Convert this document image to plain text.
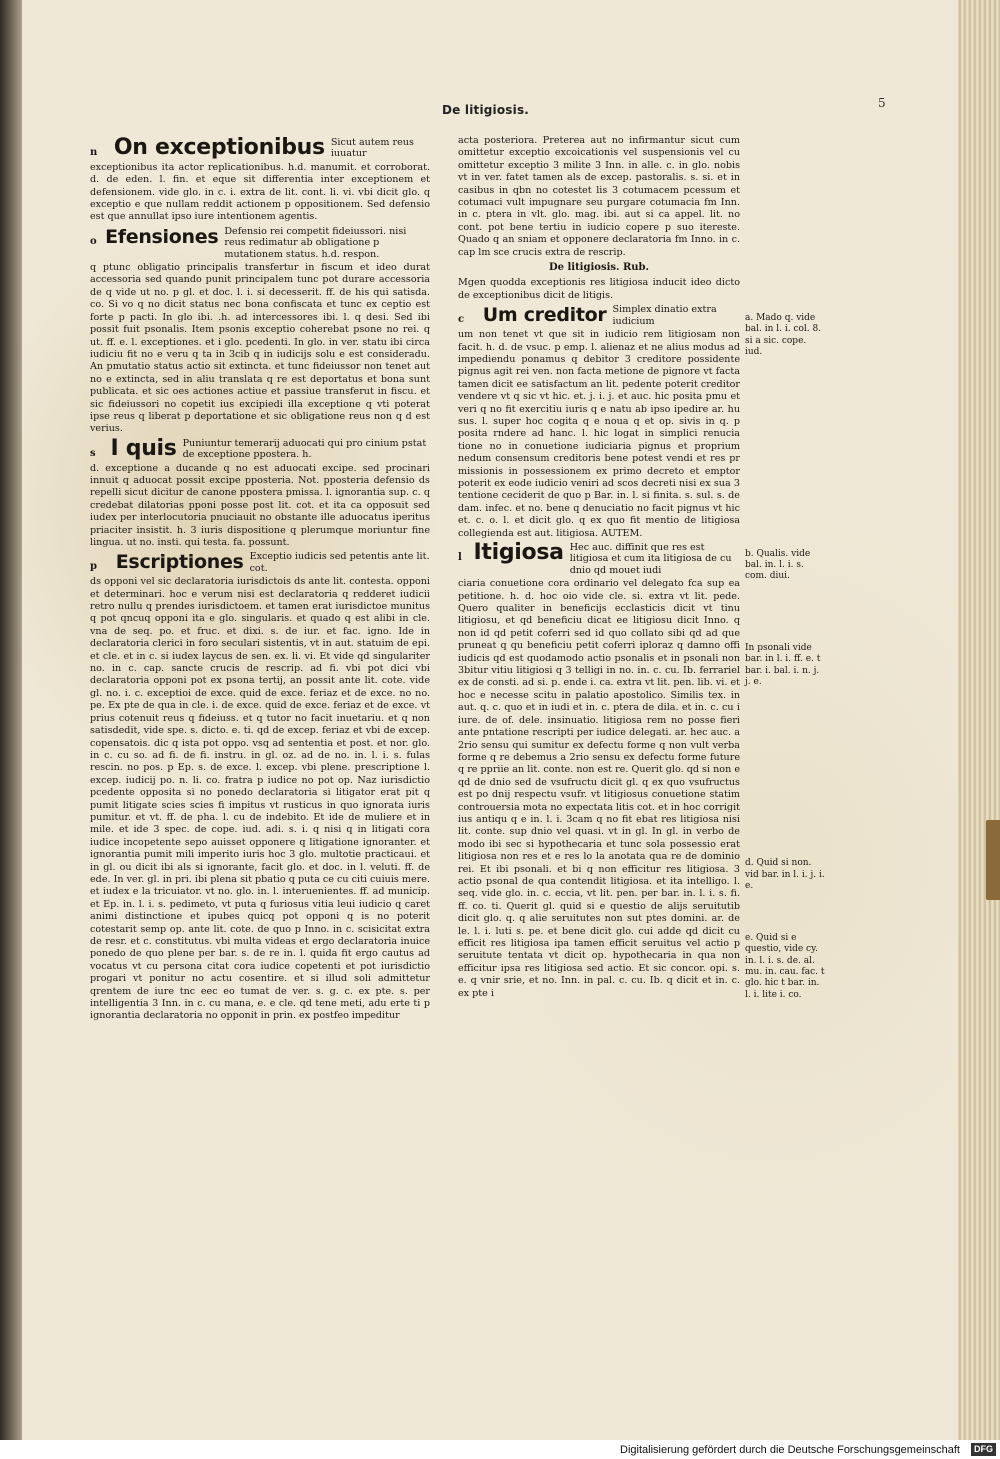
De litigiosis.	5
n On exceptionibus Sicut autem reus iuuatur

exceptionibus ita actor replicationibus. h.d. manumit. et corroborat. d. de eden. l. fin. et eque sit differentia inter exceptionem et defensionem. vide glo. in c. i. extra de lit. cont. li. vi. vbi dicit glo. q exceptio e que nullam reddit actionem p oppositionem. Sed defensio est que annullat ipso iure intentionem agentis.

o Efensiones Defensio rei competit fideiussori. nisi reus redimatur ab obligatione p mutationem status. h.d. respon.

q ptunc obligatio principalis transfertur in fiscum et ideo durat accessoria sed quando punit principalem tunc pot durare accessoria de q vide ut no. p gl. et doc. l. i. si decesserit. ff. de his qui satisda. co. Si vo q no dicit status nec bona confiscata et tunc ex ceptio est forte p pacti. In glo ibi. .h. ad intercessores ibi. l. q desi. Sed ibi possit fuit psonalis. Item psonis exceptio coherebat psone no rei. q ut. ff. e. l. exceptiones. et i glo. pcedenti. In glo. in ver. statu ibi circa iudiciu fit no e veru q ta in 3cib q in iudicijs solu e est consideradu. An pmutatio status actio sit extincta. et tunc fideiussor non tenet aut no e extincta, sed in aliu translata q re est deportatus et bona sunt publicata. et sic oes actiones actiue et passiue transferut in fiscu. et sic fideiussori no copetit ius excipiedi illa exceptione q vti poterat ipse reus q liberat p deportatione et sic obligatione reus non q d est verius.

s I quis Puniuntur temerarij aduocati qui pro cinium pstat de exceptione ppostera. h.

d. exceptione a ducande q no est aduocati excipe. sed procinari innuit q aduocat possit excipe pposteria. Not. pposteria defensio ds repelli sicut dicitur de canone ppostera pmissa. l. ignorantia sup. c. q credebat dilatorias pponi posse post lit. cot. et ita ca opposuit sed iudex per interlocutoria pnuciauit no obstante ille aduocatus iperitus priaciter insistit. h. 3 iuris dispositione q plerumque moriuntur fine lingua. ut no. insti. qui testa. fa. possunt.

p Escriptiones Exceptio iudicis sed petentis ante lit. cot.

ds opponi vel sic declaratoria iurisdictois ds ante lit. contesta. opponi et determinari. hoc e verum nisi est declaratoria q redderet iudicii retro nullu q prendes iurisdictoem. et tamen erat iurisdictoe munitus q pot qncuq opponi ita e glo. singularis. et quado q est alibi in cle. vna de seq. po. et fruc. et dixi. s. de iur. et fac. igno. Ide in declaratoria clerici in foro seculari sistentis, vt in aut. statuim de epi. et cle. et in c. si iudex laycus de sen. ex. li. vi. Et vide qd singulariter no. in c. cap. sancte crucis de rescrip. ad fi. vbi pot dici vbi declaratoria opponi pot ex psona tertij, an possit ante lit. cote. vide gl. no. i. c. exceptioi de exce. quid de exce. feriaz et de exce. no no. pe. Ex pte de qua in cle. i. de exce. quid de exce. feriaz et de exce. vt prius cotenuit reus q fideiuss. et q tutor no facit inuetariu. et q non satisdedit, vide spe. s. dicto. e. ti. qd de excep. feriaz et vbi de excep. copensatois. dic q ista pot oppo. vsq ad sententia et post. et nor. glo. in c. cu so. ad fi. de fi. instru. in gl. oz. ad de no. in. l. i. s. fulas rescin. no pos. p Ep. s. de exce. l. excep. vbi plene. prescriptione l. excep. iudicij po. n. li. co. fratra p iudice no pot op. Naz iurisdictio pcedente opposita si no ponedo declaratoria si litigator erat pit q pumit litigate scies scies fi impitus vt rusticus in quo ignorata iuris pumitur. et vt. ff. de pha. l. cu de indebito. Et ide de muliere et in mile. et ide 3 spec. de cope. iud. adi. s. i. q nisi q in litigati cora iudice incopetente sepo auisset opponere q litigatione ignoranter. et ignorantia pumit mili imperito iuris hoc 3 glo. multotie practicaui. et in gl. ou dicit ibi als si ignorante, facit glo. et doc. in l. veluti. ff. de ede. In ver. gl. in pri. ibi plena sit pbatio q puta ce cu citi cuiuis mere. et iudex e la tricuiator. vt no. glo. in. l. interuenientes. ff. ad municip. et Ep. in. l. i. s. pedimeto, vt puta q furiosus vitia leui iudicio q caret animi distinctione et ipubes quicq pot opponi q is no poterit cotestarit semp op. ante lit. cote. de quo p Inno. in c. scisicitat extra de resr. et c. constitutus. vbi multa videas et ergo declaratoria inuice ponedo de quo plene per bar. s. de re in. l. quida fit ergo cautus ad vocatus vt cu persona citat cora iudice copetenti et pot iurisdictio progari vt ponitur no actu cosentire. et si illud soli admittetur qrentem de iure tnc eec eo tumat de ver. s. g. c. ex pte. s. per intelligentia 3 Inn. in c. cu mana, e. e cle. qd tene meti, adu erte ti p ignorantia declaratoria no opponit in prin. ex postfeo impeditur

acta posteriora. Preterea aut no infirmantur sicut cum omittetur exceptio excoicationis vel suspensionis vel cu omittetur exceptio 3 milite 3 Inn. in alle. c. in glo. nobis vt in ver. fatet tamen als de excep. pastoralis. s. si. et in casibus in qbn no cotestet lis 3 cotumacem pcessum et cotumaci vult impugnare seu purgare cotumacia fm Inn. in c. ptera in vlt. glo. mag. ibi. aut si ca appel. lit. no cont. pot bene tertiu in iudicio copere p suo itereste. Quado q an sniam et opponere declaratoria fm Inno. in c. cap lm sce crucis extra de rescrip.

De litigiosis. Rub.

Mgen quodda exceptionis res litigiosa inducit ideo dicto de exceptionibus dicit de litigis.

c Um creditor Simplex dinatio extra iudicium

um non tenet vt que sit in iudicio rem litigiosam non facit. h. d. de vsuc. p emp. l. alienaz et ne alius modus ad impediendu ponamus q debitor 3 creditore possidente pignus agit rei ven. non facta metione de pignore vt facta tamen dicit ee satisfactum an lit. pedente poterit creditor vendere vt q sic vt hic. et. j. i. j. et auc. hic posita pmu et veri q no fit exercitiu iuris q e natu ab ipso ipedire ar. hu sus. l. super hoc cogita q e noua q et op. sivis in q. p posita rndere ad hanc. l. hic logat in simplici renucia tione no in conuetione iudiciaria pignus et proprium nedum consensum creditoris bene potest vendi et res pr missionis in possessionem ex primo decreto et emptor poterit ex eode iudicio veniri ad scos decreti nisi ex sua 3 tentione ceciderit de quo p Bar. in. l. si finita. s. sul. s. de dam. infec. et no. bene q denuciatio no facit pignus vt hic et. c. o. l. et dicit glo. q ex quo fit mentio de litigiosa collegienda est aut. litigiosa. AUTEM.

l Itigiosa Hec auc. diffinit que res est litigiosa et cum ita litigiosa de cu dnio qd mouet iudi

ciaria conuetione cora ordinario vel delegato fca sup ea petitione. h. d. hoc oio vide cle. si. extra vt lit. pede. Quero qualiter in beneficijs ecclasticis dicit vt tinu litigiosu, et qd beneficiu dicat ee litigiosu dicit Inno. q non id qd petit coferri sed id quo collato sibi qd ad que pruneat q qu beneficiu petit coferri iploraz q damno offi iudicis qd est quodamodo actio psonalis et in psonali non 3bitur vitiu litigiosi q 3 telligi in no. in. c. cu. Ib. ferrariel ex de consti. ad si. p. ende i. ca. extra vt lit. pen. lib. vi. et hoc e necesse scitu in palatio apostolico. Similis tex. in aut. q. c. quo et in iudi et in. c. ptera de dila. et in. c. cu i iure. de of. dele. insinuatio. litigiosa rem no posse fieri ante pntatione rescripti per iudice delegati. ar. hec auc. a 2rio sensu qui sumitur ex defectu forme q non vult verba forme q re debemus a 2rio sensu ex defectu forme future q re ppriie an lit. conte. non est re. Querit glo. qd si non e qd de dnio sed de vsufructu dicit gl. q ex quo vsufructus est po dnij respectu vsufr. vt litigiosus conuetione statim controuersia mota no expectata litis cot. et in hoc corrigit ius antiqu q e in. l. i. 3cam q no fit ebat res litigiosa nisi lit. conte. sup dnio vel quasi. vt in gl. In gl. in verbo de modo ibi sec si hypothecaria et tunc sola possessio erat litigiosa non res et e res lo la anotata qua re de dominio rei. Et ibi psonali. et bi q non efficitur res litigiosa. 3 actio psonal de qua contendit litigiosa. et ita intelligo. l. seq. vide glo. in. c. eccia, vt lit. pen. per bar. in. l. i. s. fi. ff. co. ti. Querit gl. quid si e questio de alijs seruitutib dicit glo. q. q alie seruitutes non sut ptes domini. ar. de le. l. i. luti s. pe. et bene dicit glo. cui adde qd dicit cu efficit res litigiosa ipa tamen efficit seruitus vel actio p seruitute tentata vt dicit op. hypothecaria in qua non efficitur ipsa res litigiosa sed actio. Et sic concor. opi. s. e. q vnir srie, et no. Inn. in pal. c. cu. Ib. q dicit et in. c. ex pte i

a. Mado q. vide bal. in l. i. col. 8. si a sic. cope. iud.

b. Qualis. vide bal. in. l. i. s. com. diui.

In psonali vide bar. in l. i. ff. e. t bar. i. bal. i. n. j. j. e.

d. Quid si non. vid bar. in l. i. j. i. e.

e. Quid si e questio, vide cy. in. l. i. s. de. al. mu. in. cau. fac. t glo. hic t bar. in. l. i. lite i. co.

Digitalisierung gefördert durch die Deutsche Forschungsgemeinschaft	DFG
